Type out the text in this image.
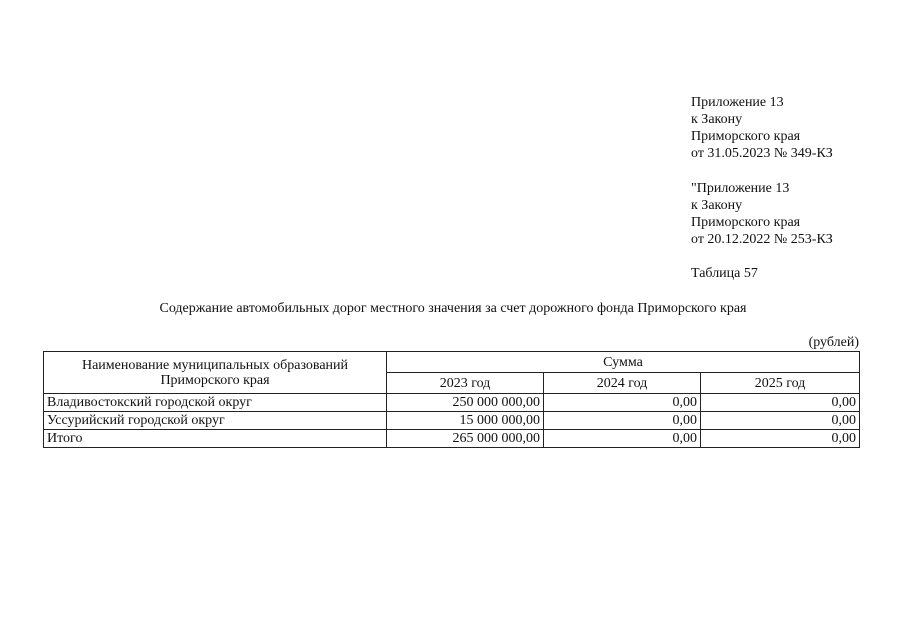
Приложение 13
к Закону
Приморского края
от 31.05.2023 № 349-КЗ
"Приложение 13
к Закону
Приморского края
от 20.12.2022 № 253-КЗ
Таблица 57
Содержание автомобильных дорог местного значения за счет дорожного фонда Приморского края
(рублей)
Наименование муниципальных образований
Приморского края	Сумма		
	2023 год	2024 год	2025 год
Владивостокский городской округ	250 000 000,00	0,00	0,00
Уссурийский городской округ	15 000 000,00	0,00	0,00
Итого	265 000 000,00	0,00	0,00
